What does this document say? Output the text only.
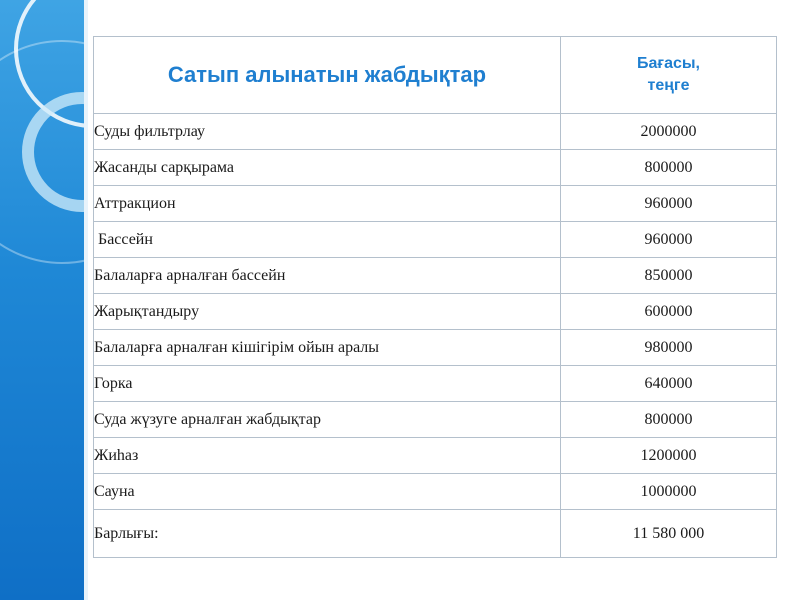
Сатып алынатын жабдықтар	Бағасы,
теңге
Суды фильтрлау	2000000
Жасанды сарқырама	800000
Аттракцион	960000
Бассейн	960000
Балаларға арналған бассейн	850000
Жарықтандыру	600000
Балаларға арналған кішігірім ойын аралы	980000
Горка	640000
Суда жүзуге арналған жабдықтар	800000
Жиһаз	1200000
Сауна	1000000
Барлығы:	11 580 000
